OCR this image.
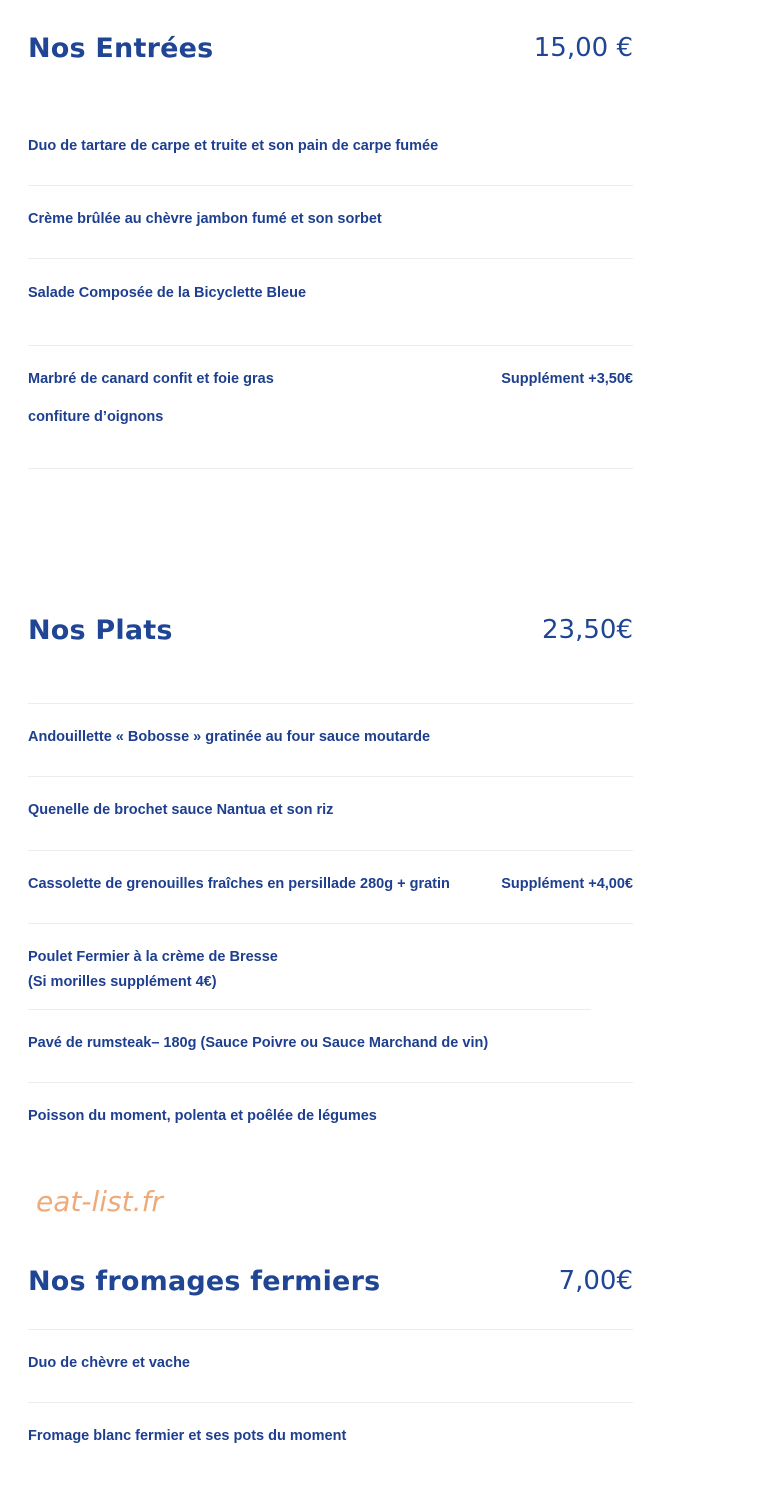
Nos Entrées	15,00 €
Duo de tartare de carpe et truite et son pain de carpe fumée
Crème brûlée au chèvre jambon fumé et son sorbet
Salade Composée de la Bicyclette Bleue
Marbré de canard confit et foie gras	Supplément +3,50€
confiture d’oignons
Nos Plats	23,50€
Andouillette « Bobosse » gratinée au four sauce moutarde
Quenelle de brochet sauce Nantua et son riz
Cassolette de grenouilles fraîches en persillade 280g + gratin	Supplément +4,00€
Poulet Fermier à la crème de Bresse
(Si morilles supplément 4€)
Pavé de rumsteak– 180g (Sauce Poivre ou Sauce Marchand de vin)
Poisson du moment, polenta et poêlée de légumes
eat-list.fr
Nos fromages fermiers	7,00€
Duo de chèvre et vache
Fromage blanc fermier et ses pots du moment
